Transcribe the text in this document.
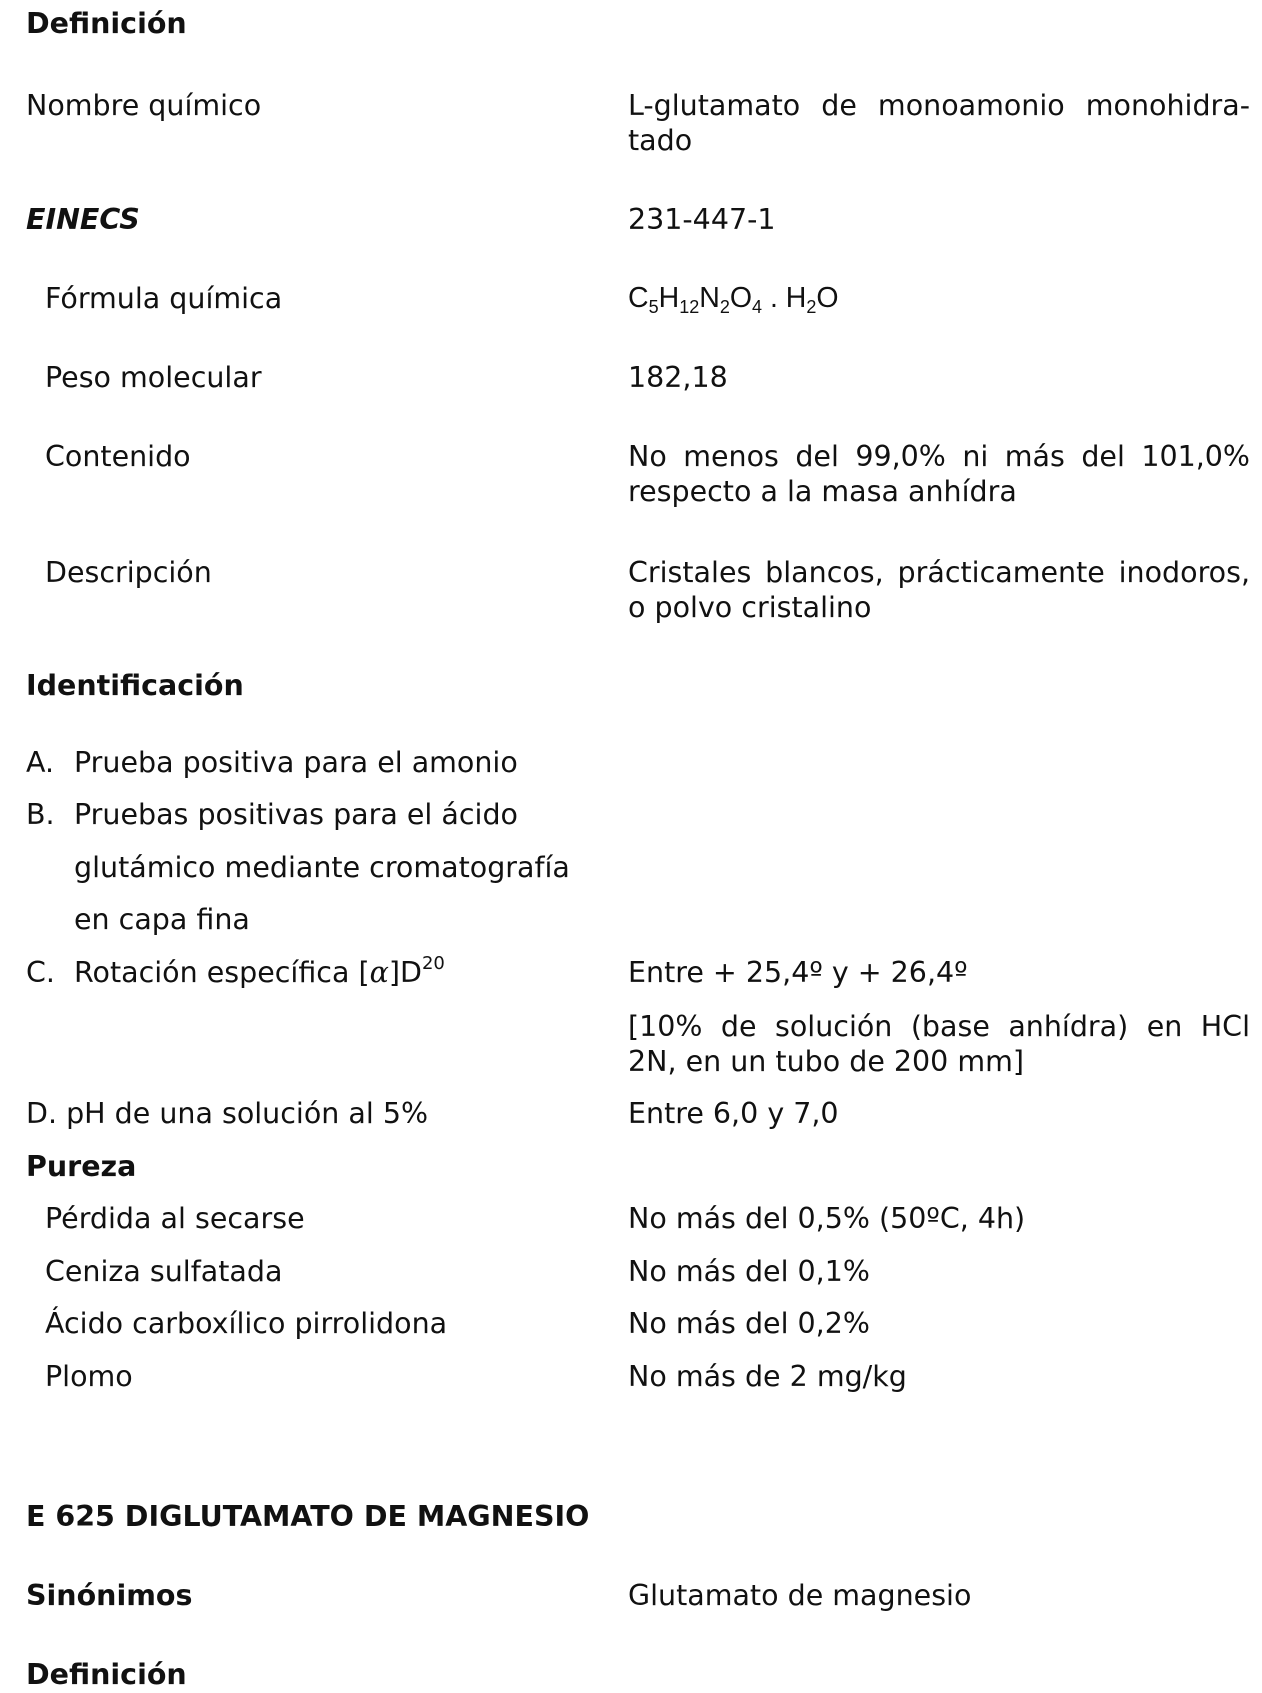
Definición
Nombre químico	L-glutamato de monoamonio monohidra- tado
EINECS	231-447-1
Fórmula química	$C_5H_{12}N_2O_4$ . $H_2O$
Peso molecular	182,18
Contenido	No menos del 99,0% ni más del 101,0% respecto a la masa anhídra
Descripción	Cristales blancos, prácticamente inodoros, o polvo cristalino
Identificación
A. Prueba positiva para el amonio
B. Pruebas positivas para el ácido
glutámico mediante cromatografía
en capa fina
C. Rotación específica $[\alpha]D^{20}$	Entre + 25,4º y + 26,4º
[10% de solución (base anhídra) en HCl 2N, en un tubo de 200 mm]
D. pH de una solución al 5%	Entre 6,0 y 7,0
Pureza
Pérdida al secarse	No más del 0,5% (50ºC, 4h)
Ceniza sulfatada	No más del 0,1%
Ácido carboxílico pirrolidona	No más del 0,2%
Plomo	No más de 2 mg/kg
E 625 DIGLUTAMATO DE MAGNESIO
Sinónimos	Glutamato de magnesio
Definición
